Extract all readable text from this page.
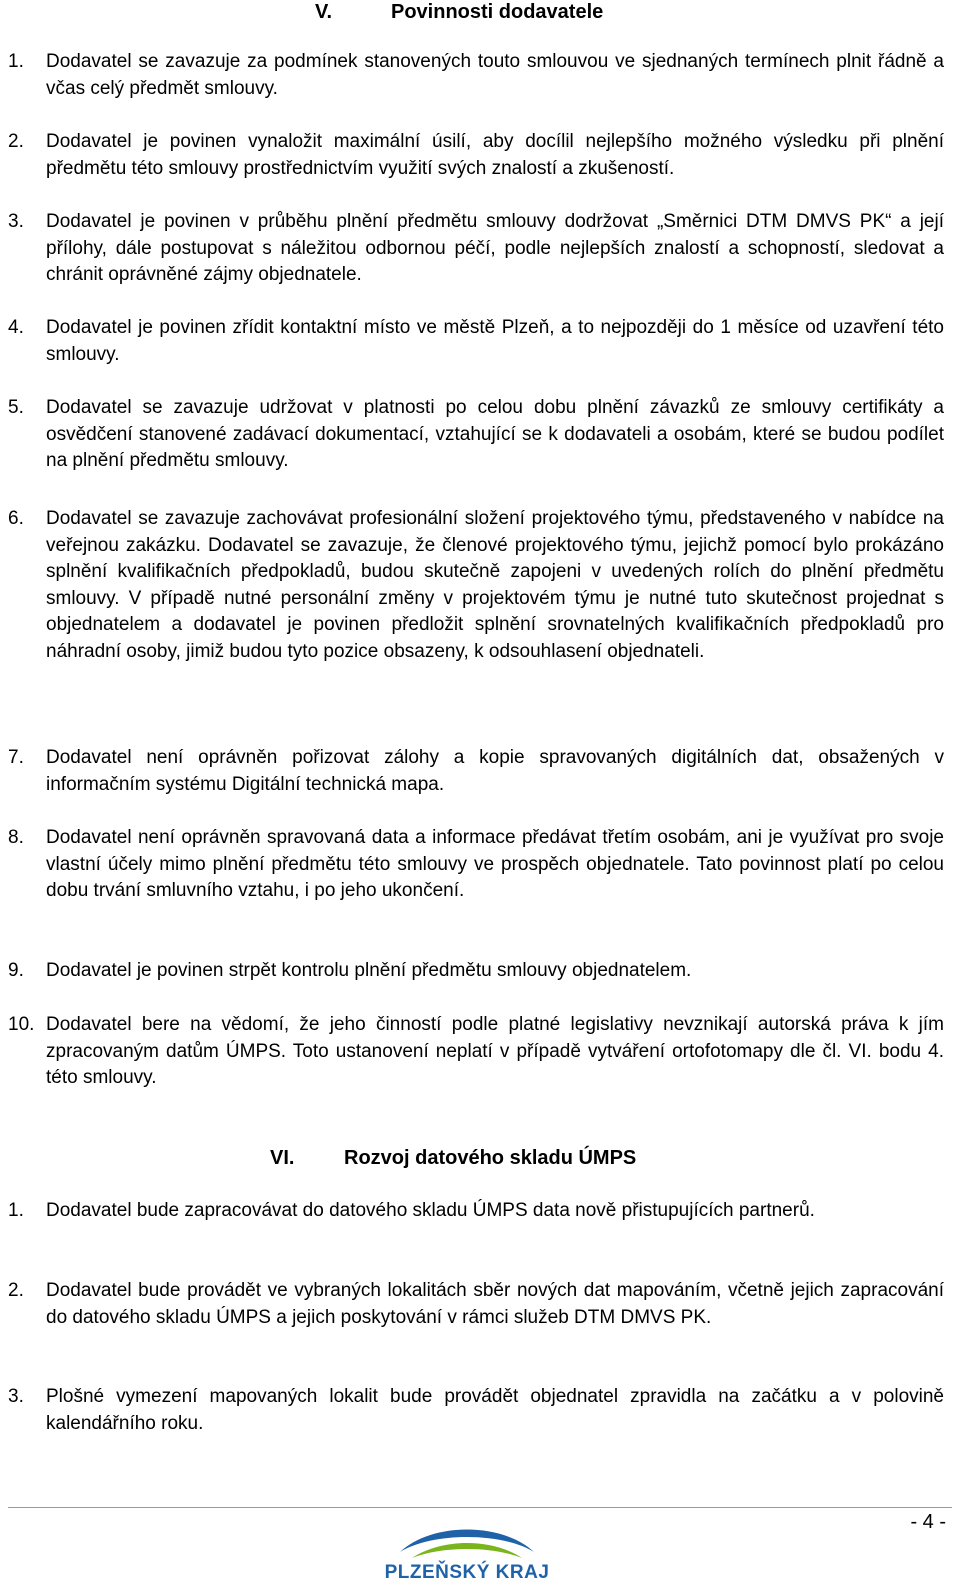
V.	Povinnosti dodavatele
1. Dodavatel se zavazuje za podmínek stanovených touto smlouvou ve sjednaných termínech plnit řádně a včas celý předmět smlouvy.
2. Dodavatel je povinen vynaložit maximální úsilí, aby docílil nejlepšího možného výsledku při plnění předmětu této smlouvy prostřednictvím využití svých znalostí a zkušeností.
3. Dodavatel je povinen v průběhu plnění předmětu smlouvy dodržovat „Směrnici DTM DMVS PK“ a její přílohy, dále postupovat s náležitou odbornou péčí, podle nejlepších znalostí a schopností, sledovat a chránit oprávněné zájmy objednatele.
4. Dodavatel je povinen zřídit kontaktní místo ve městě Plzeň, a to nejpozději do 1 měsíce od uzavření této smlouvy.
5. Dodavatel se zavazuje udržovat v platnosti po celou dobu plnění závazků ze smlouvy certifikáty a osvědčení stanovené zadávací dokumentací, vztahující se k dodavateli a osobám, které se budou podílet na plnění předmětu smlouvy.
6. Dodavatel se zavazuje zachovávat profesionální složení projektového týmu, představeného v nabídce na veřejnou zakázku. Dodavatel se zavazuje, že členové projektového týmu, jejichž pomocí bylo prokázáno splnění kvalifikačních předpokladů, budou skutečně zapojeni v uvedených rolích do plnění předmětu smlouvy. V případě nutné personální změny v projektovém týmu je nutné tuto skutečnost projednat s objednatelem a dodavatel je povinen předložit splnění srovnatelných kvalifikačních předpokladů pro náhradní osoby, jimiž budou tyto pozice obsazeny, k odsouhlasení objednateli.
7. Dodavatel není oprávněn pořizovat zálohy a kopie spravovaných digitálních dat, obsažených v informačním systému Digitální technická mapa.
8. Dodavatel není oprávněn spravovaná data a informace předávat třetím osobám, ani je využívat pro svoje vlastní účely mimo plnění předmětu této smlouvy ve prospěch objednatele. Tato povinnost platí po celou dobu trvání smluvního vztahu, i po jeho ukončení.
9. Dodavatel je povinen strpět kontrolu plnění předmětu smlouvy objednatelem.
10. Dodavatel bere na vědomí, že jeho činností podle platné legislativy nevznikají autorská práva k jím zpracovaným datům ÚMPS. Toto ustanovení neplatí v případě vytváření ortofotomapy dle čl. VI. bodu 4. této smlouvy.
VI. Rozvoj datového skladu ÚMPS
1. Dodavatel bude zapracovávat do datového skladu ÚMPS data nově přistupujících partnerů.
2. Dodavatel bude provádět ve vybraných lokalitách sběr nových dat mapováním, včetně jejich zapracování do datového skladu ÚMPS a jejich poskytování v rámci služeb DTM DMVS PK.
3. Plošné vymezení mapovaných lokalit bude provádět objednatel zpravidla na začátku a v polovině kalendářního roku.
- 4 -
PLZEŇSKÝ KRAJ
